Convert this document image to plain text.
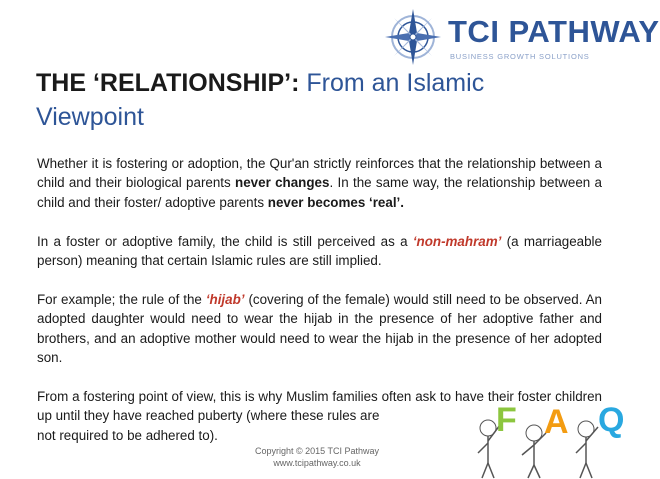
TCI PATHWAY
BUSINESS GROWTH SOLUTIONS
THE ‘RELATIONSHIP’: From an Islamic Viewpoint

Whether it is fostering or adoption, the Qur'an strictly reinforces that the relationship between a child and their biological parents never changes. In the same way, the relationship between a child and their foster/ adoptive parents never becomes ‘real’.

In a foster or adoptive family, the child is still perceived as a ‘non-mahram’ (a marriageable person) meaning that certain Islamic rules are still implied.

For example; the rule of the ‘hijab’ (covering of the female) would still need to be observed. An adopted daughter would need to wear the hijab in the presence of her adoptive father and brothers, and an adoptive mother would need to wear the hijab in the presence of her adopted son.

From a fostering point of view, this is why Muslim families often ask to have their foster children up until they have reached puberty (where these rules are
not required to be adhered to).

Copyright © 2015 TCI Pathway
www.tcipathway.co.uk
F A Q
